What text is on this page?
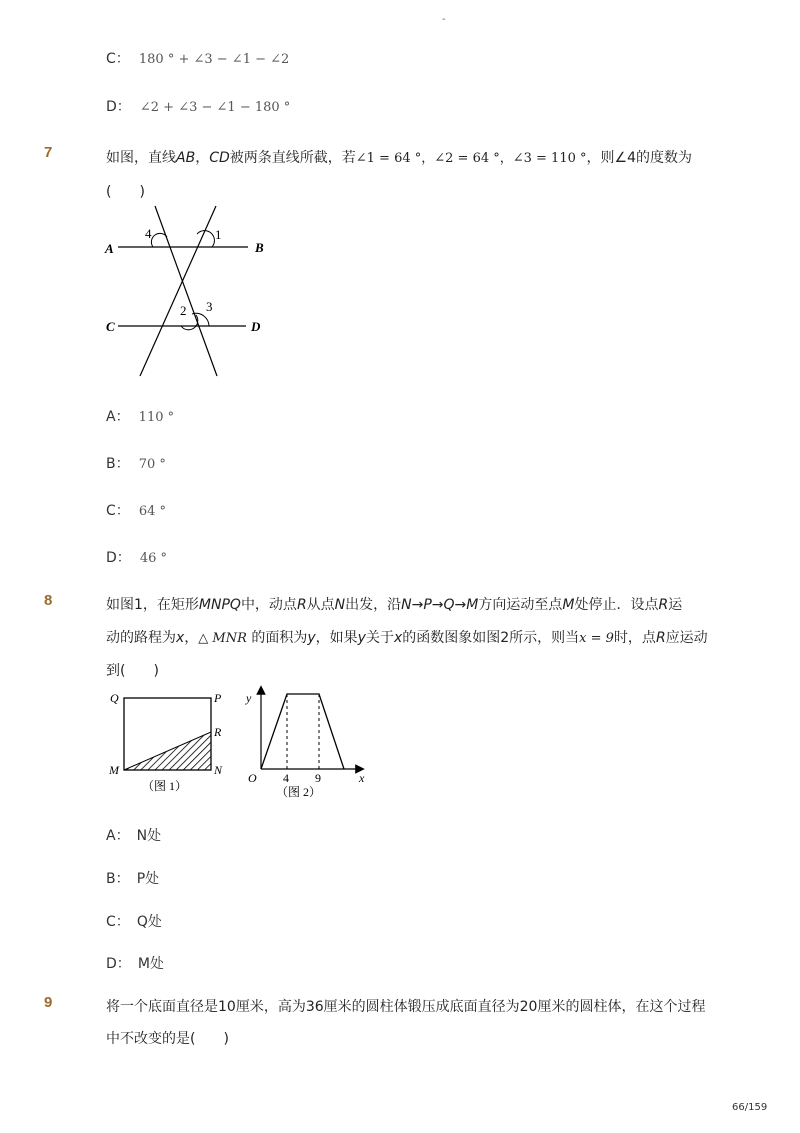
-
C： 180 ° + ∠3 − ∠1 − ∠2
D： ∠2 + ∠3 − ∠1 − 180 °
7	如图，直线AB，CD被两条直线所截，若∠1 = 64 °，∠2 = 64 °，∠3 = 110 °，则∠4的度数为
(　　)
4	1
A	B
2 3
C	D
A： 110 °
B： 70 °
C： 64 °
D： 46 °
8	如图1，在矩形MNPQ中，动点R从点N出发，沿N→P→Q→M方向运动至点M处停止．设点R运
动的路程为x，△ MNR 的面积为y，如果y关于x的函数图象如图2所示，则当x = 9时，点R应运动
到(　　)
Q	P
R
M	N
（图 1）
y
O 4 9	x
（图 2）
A： N处
B： P处
C： Q处
D： M处
9	将一个底面直径是10厘米，高为36厘米的圆柱体锻压成底面直径为20厘米的圆柱体，在这个过程
中不改变的是(　　)
66/159
